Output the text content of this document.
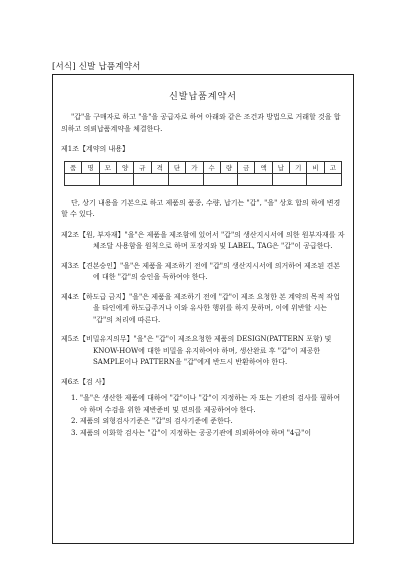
[서식] 신발 납품계약서
신발납품계약서

"갑"을 구매자로 하고 "을"을 공급자로 하여 아래와 같은 조건과 방법으로 거래할 것을 합의하고 의뢰납품계약을 체결한다.

제1조【계약의 내용】
품	명	모	양	규	격	단	가	수	량	금	액	납	기	비	고

단, 상기 내용을 기본으로 하고 제품의 품종, 수량, 납기는 "갑", "을" 상호 합의 하에 변경할 수 있다.

제2조【원, 부자재】"을"은 제품을 제조함에 있어서 "갑"의 생산지시서에 의한 원부자재를 자체조달 사용함을 원칙으로 하며 포장지와 및 LABEL, TAG은 "갑"이 공급한다.

제3조【견본승인】"을"은 제품을 제조하기 전에 "갑"의 생산지시서에 의거하여 제조된 견본에 대한 "갑"의 승인을 득하여야 한다.

제4조【하도급 금지】"을"은 제품을 제조하기 전에 "갑"이 제조 요청한 본 계약의 목적 작업을 타인에게 하도급주거나 이와 유사한 행위를 하지 못하며, 이에 위반할 시는 "갑"의 처리에 따른다.

제5조【비밀유지의무】"을"은 "갑"이 제조요청한 제품의 DESIGN(PATTERN 포함) 및 KNOW-HOW에 대한 비밀을 유지하여야 하며, 생산완료 후 "갑"이 제공한 SAMPLE이나 PATTERN을 "갑"에게 반드시 반환하여야 한다.

제6조【검 사】
1. "을"은 생산한 제품에 대하여 "갑"이나 "갑"이 지정하는 자 또는 기관의 검사를 필하여야 하며 수검을 위한 제반준비 및 편의를 제공하여야 한다.
2. 제품의 외형검사기준은 "갑"의 검사기준에 준한다.
3. 제품의 이화학 검사는 "갑"이 지정하는 공공기관에 의뢰하여야 하며 "4급"이
